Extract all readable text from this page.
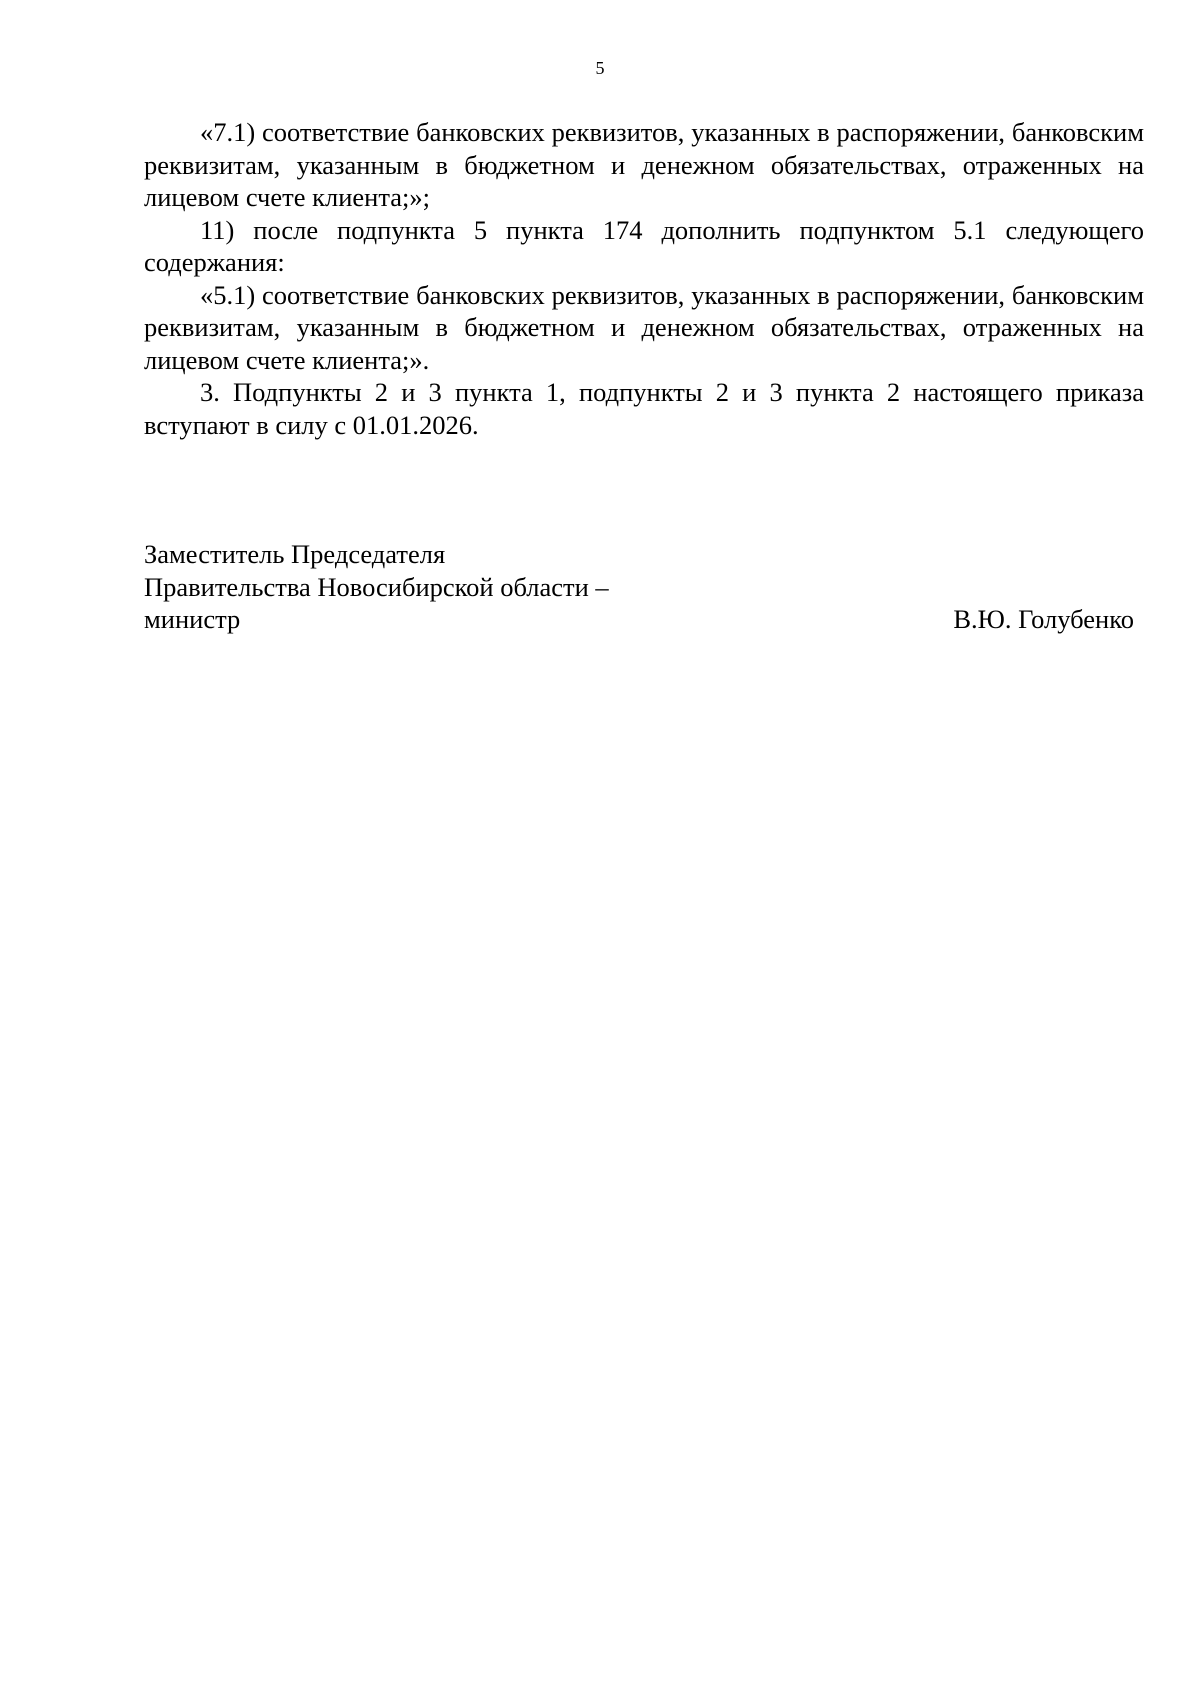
5

«7.1) соответствие банковских реквизитов, указанных в распоряжении, банковским реквизитам, указанным в бюджетном и денежном обязательствах, отраженных на лицевом счете клиента;»;

11) после подпункта 5 пункта 174 дополнить подпунктом 5.1 следующего содержания:

«5.1) соответствие банковских реквизитов, указанных в распоряжении, банковским реквизитам, указанным в бюджетном и денежном обязательствах, отраженных на лицевом счете клиента;».

3. Подпункты 2 и 3 пункта 1, подпункты 2 и 3 пункта 2 настоящего приказа вступают в силу с 01.01.2026.

Заместитель Председателя
Правительства Новосибирской области –
министр	В.Ю. Голубенко
